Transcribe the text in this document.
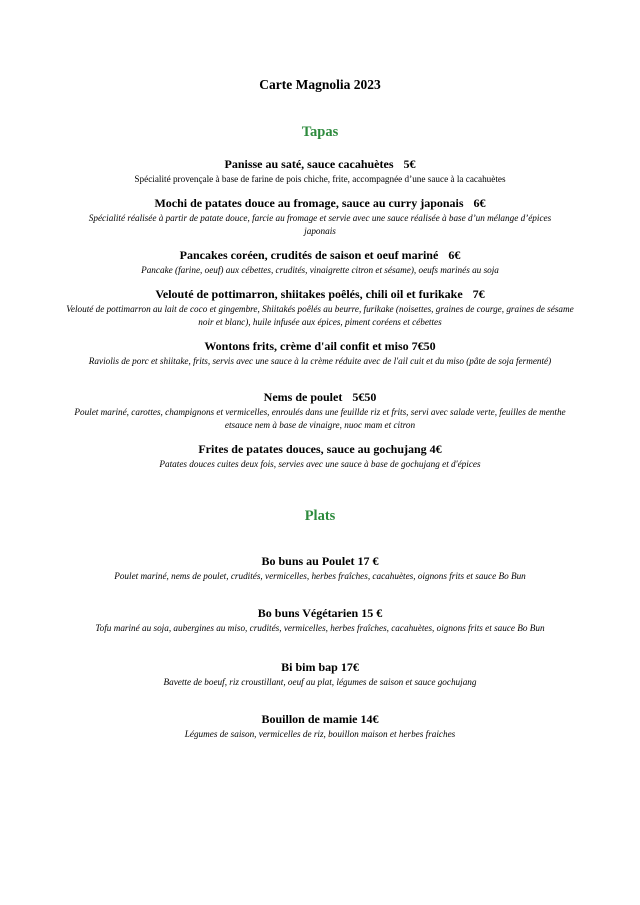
Carte Magnolia 2023
Tapas
Panisse au saté, sauce cacahuètes 5€
Spécialité provençale à base de farine de pois chiche, frite, accompagnée d’une sauce à la cacahuètes
Mochi de patates douce au fromage, sauce au curry japonais 6€
Spécialité réalisée à partir de patate douce, farcie au fromage et servie avec une sauce réalisée à base d’un mélange d’épices japonais
Pancakes coréen, crudités de saison et oeuf mariné 6€
Pancake (farine, oeuf) aux cébettes, crudités, vinaigrette citron et sésame), oeufs marinés au soja
Velouté de pottimarron, shiitakes poêlés, chili oil et furikake 7€
Velouté de pottimarron au lait de coco et gingembre, Shiitakés poêlés au beurre, furikake (noisettes, graines de courge, graines de sésame noir et blanc), huile infusée aux épices, piment coréens et cébettes
Wontons frits, crème d'ail confit et miso 7€50
Raviolis de porc et shiitake, frits, servis avec une sauce à la crème réduite avec de l'ail cuit et du miso (pâte de soja fermenté)
Nems de poulet 5€50
Poulet mariné, carottes, champignons et vermicelles, enroulés dans une feuillde riz et frits, servi avec salade verte, feuilles de menthe etsauce nem à base de vinaigre, nuoc mam et citron
Frites de patates douces, sauce au gochujang 4€
Patates douces cuites deux fois, servies avec une sauce à base de gochujang et d'épices
Plats
Bo buns au Poulet 17 €
Poulet mariné, nems de poulet, crudités, vermicelles, herbes fraîches, cacahuètes, oignons frits et sauce Bo Bun
Bo buns Végétarien 15 €
Tofu mariné au soja, aubergines au miso, crudités, vermicelles, herbes fraîches, cacahuètes, oignons frits et sauce Bo Bun
Bi bim bap 17€
Bavette de boeuf, riz croustillant, oeuf au plat, légumes de saison et sauce gochujang
Bouillon de mamie 14€
Légumes de saison, vermicelles de riz, bouillon maison et herbes fraiches
